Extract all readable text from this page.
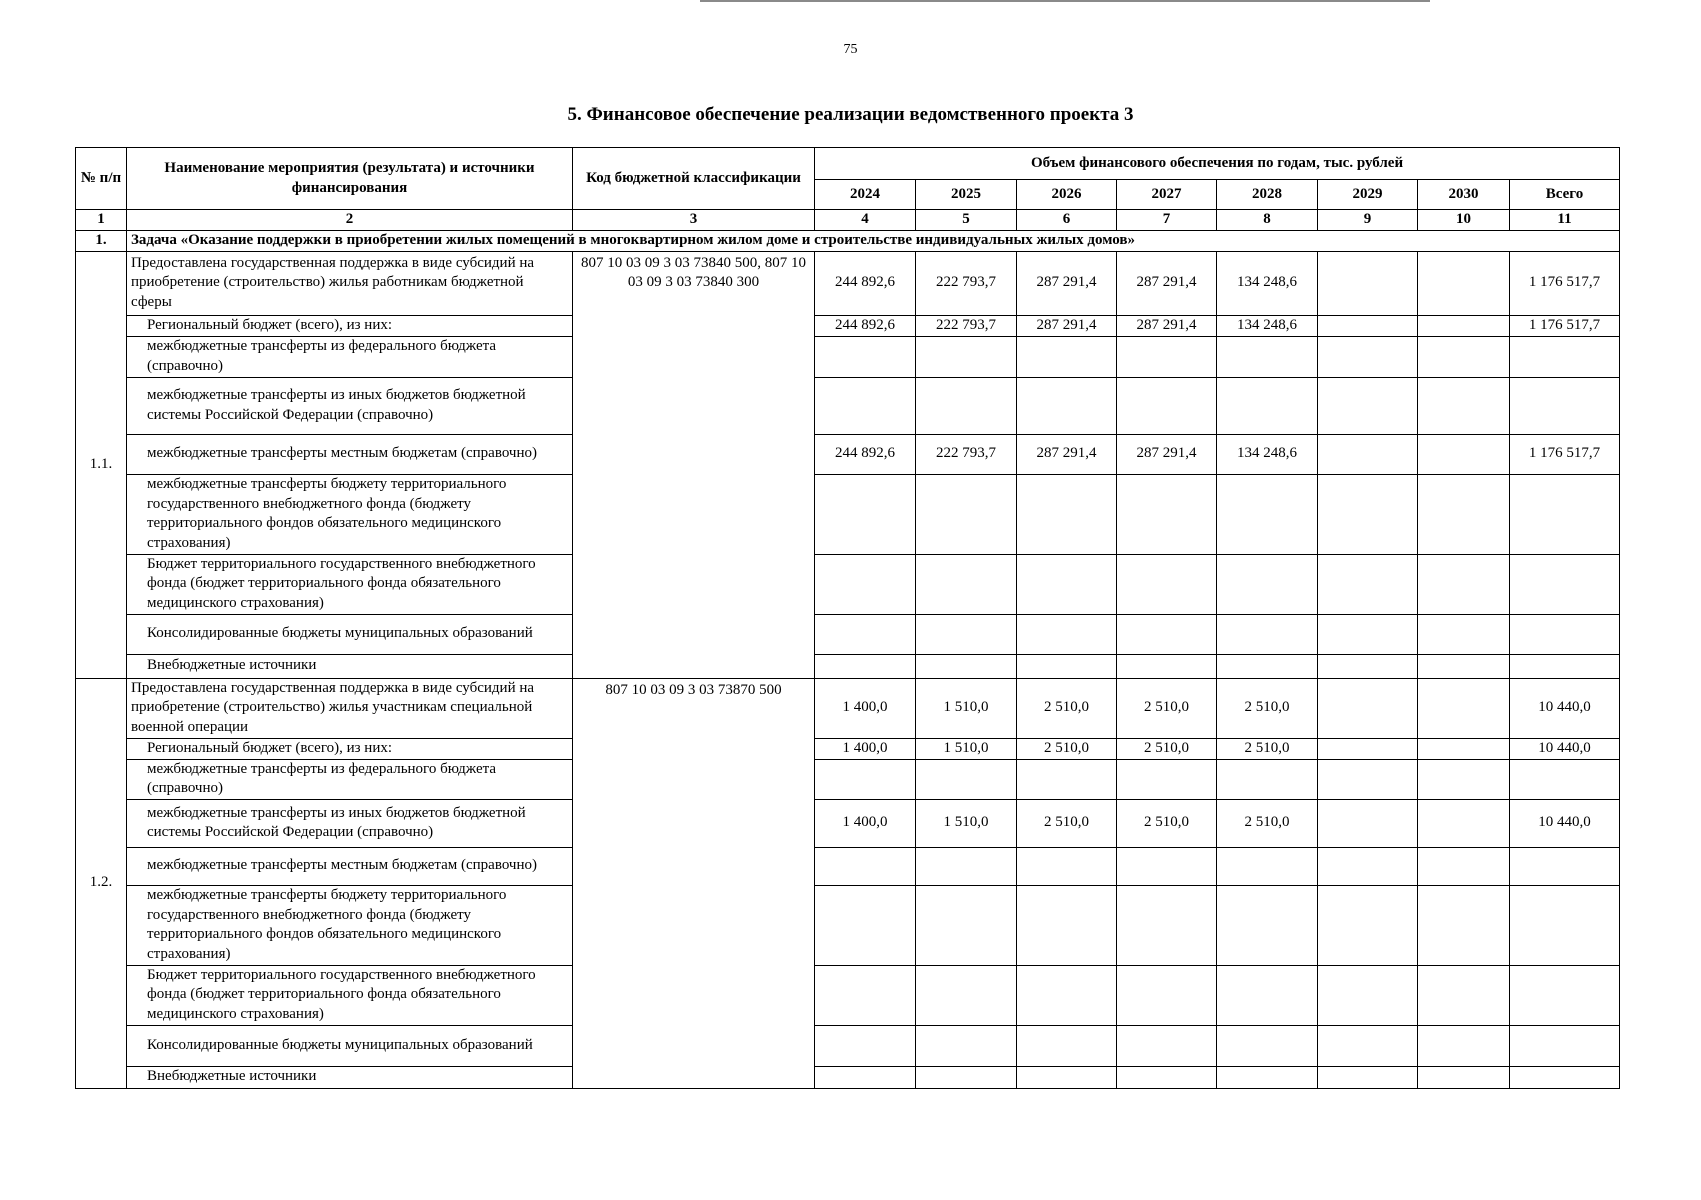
75
5. Финансовое обеспечение реализации ведомственного проекта 3
№ п/п	Наименование мероприятия (результата) и источники финансирования	Код бюджетной классификации	Объем финансового обеспечения по годам, тыс. рублей							
			2024	2025	2026	2027	2028	2029	2030	Всего
1	2	3	4	5	6	7	8	9	10	11
1.	Задача «Оказание поддержки в приобретении жилых помещений в многоквартирном жилом доме и строительстве индивидуальных жилых домов»									
1.1.	Предоставлена государственная поддержка в виде субсидий на приобретение (строительство) жилья работникам бюджетной сферы	807 10 03 09 3 03 73840 500, 807 10 03 09 3 03 73840 300	244 892,6	222 793,7	287 291,4	287 291,4	134 248,6			1 176 517,7
	Региональный бюджет (всего), из них:		244 892,6	222 793,7	287 291,4	287 291,4	134 248,6			1 176 517,7
	межбюджетные трансферты из федерального бюджета (справочно)									
	межбюджетные трансферты из иных бюджетов бюджетной системы Российской Федерации (справочно)									
	межбюджетные трансферты местным бюджетам (справочно)		244 892,6	222 793,7	287 291,4	287 291,4	134 248,6			1 176 517,7
	межбюджетные трансферты бюджету территориального государственного внебюджетного фонда (бюджету территориального фондов обязательного медицинского страхования)									
	Бюджет территориального государственного внебюджетного фонда (бюджет территориального фонда обязательного медицинского страхования)									
	Консолидированные бюджеты муниципальных образований									
	Внебюджетные источники									
1.2.	Предоставлена государственная поддержка в виде субсидий на приобретение (строительство) жилья участникам специальной военной операции	807 10 03 09 3 03 73870 500	1 400,0	1 510,0	2 510,0	2 510,0	2 510,0			10 440,0
	Региональный бюджет (всего), из них:		1 400,0	1 510,0	2 510,0	2 510,0	2 510,0			10 440,0
	межбюджетные трансферты из федерального бюджета (справочно)									
	межбюджетные трансферты из иных бюджетов бюджетной системы Российской Федерации (справочно)		1 400,0	1 510,0	2 510,0	2 510,0	2 510,0			10 440,0
	межбюджетные трансферты местным бюджетам (справочно)									
	межбюджетные трансферты бюджету территориального государственного внебюджетного фонда (бюджету территориального фондов обязательного медицинского страхования)									
	Бюджет территориального государственного внебюджетного фонда (бюджет территориального фонда обязательного медицинского страхования)									
	Консолидированные бюджеты муниципальных образований									
	Внебюджетные источники									
